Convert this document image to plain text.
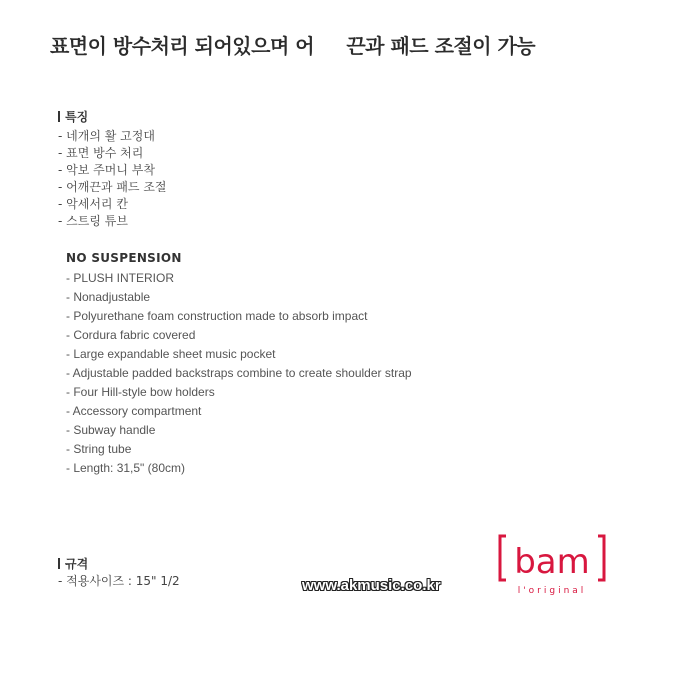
표면이 방수처리 되어있으며 어     끈과 패드 조절이 가능
특징
- 네개의 활 고정대
- 표면 방수 처리
- 악보 주머니 부착
- 어깨끈과 패드 조절
- 악세서리 칸
- 스트링 튜브
NO SUSPENSION
- PLUSH INTERIOR
- Nonadjustable
- Polyurethane foam construction made to absorb impact
- Cordura fabric covered
- Large expandable sheet music pocket
- Adjustable padded backstraps combine to create shoulder strap
- Four Hill-style bow holders
- Accessory compartment
- Subway handle
- String tube
- Length: 31,5" (80cm)
규격
- 적용사이즈 : 15" 1/2	www.akmusic.co.kr
bam
l'original
